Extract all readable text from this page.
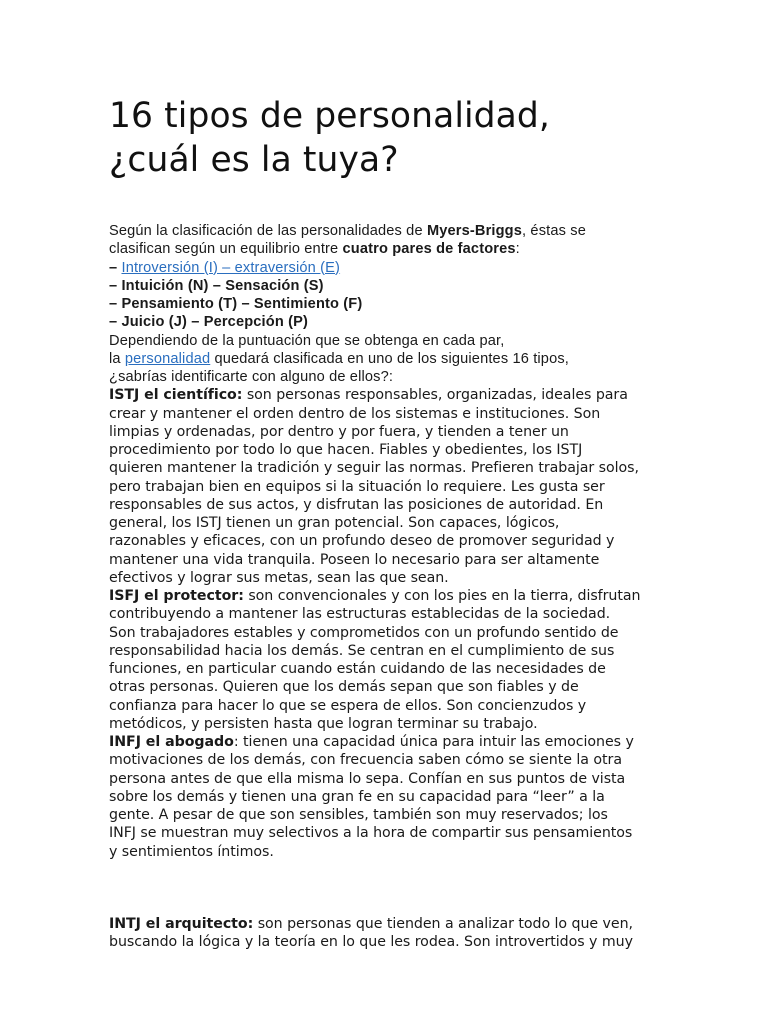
16 tipos de personalidad,
¿cuál es la tuya?
Según la clasificación de las personalidades de Myers-Briggs, éstas se
clasifican según un equilibrio entre cuatro pares de factores:
– Introversión (I) – extraversión (E)
– Intuición (N) – Sensación (S)
– Pensamiento (T) – Sentimiento (F)
– Juicio (J) – Percepción (P)
Dependiendo de la puntuación que se obtenga en cada par,
la personalidad quedará clasificada en uno de los siguientes 16 tipos,
¿sabrías identificarte con alguno de ellos?:
ISTJ el científico: son personas responsables, organizadas, ideales para
crear y mantener el orden dentro de los sistemas e instituciones. Son
limpias y ordenadas, por dentro y por fuera, y tienden a tener un
procedimiento por todo lo que hacen. Fiables y obedientes, los ISTJ
quieren mantener la tradición y seguir las normas. Prefieren trabajar solos,
pero trabajan bien en equipos si la situación lo requiere. Les gusta ser
responsables de sus actos, y disfrutan las posiciones de autoridad. En
general, los ISTJ tienen un gran potencial. Son capaces, lógicos,
razonables y eficaces, con un profundo deseo de promover seguridad y
mantener una vida tranquila. Poseen lo necesario para ser altamente
efectivos y lograr sus metas, sean las que sean.
ISFJ el protector: son convencionales y con los pies en la tierra, disfrutan
contribuyendo a mantener las estructuras establecidas de la sociedad.
Son trabajadores estables y comprometidos con un profundo sentido de
responsabilidad hacia los demás. Se centran en el cumplimiento de sus
funciones, en particular cuando están cuidando de las necesidades de
otras personas. Quieren que los demás sepan que son fiables y de
confianza para hacer lo que se espera de ellos. Son concienzudos y
metódicos, y persisten hasta que logran terminar su trabajo.
INFJ el abogado: tienen una capacidad única para intuir las emociones y
motivaciones de los demás, con frecuencia saben cómo se siente la otra
persona antes de que ella misma lo sepa. Confían en sus puntos de vista
sobre los demás y tienen una gran fe en su capacidad para “leer” a la
gente. A pesar de que son sensibles, también son muy reservados; los
INFJ se muestran muy selectivos a la hora de compartir sus pensamientos
y sentimientos íntimos.
INTJ el arquitecto: son personas que tienden a analizar todo lo que ven,
buscando la lógica y la teoría en lo que les rodea. Son introvertidos y muy
